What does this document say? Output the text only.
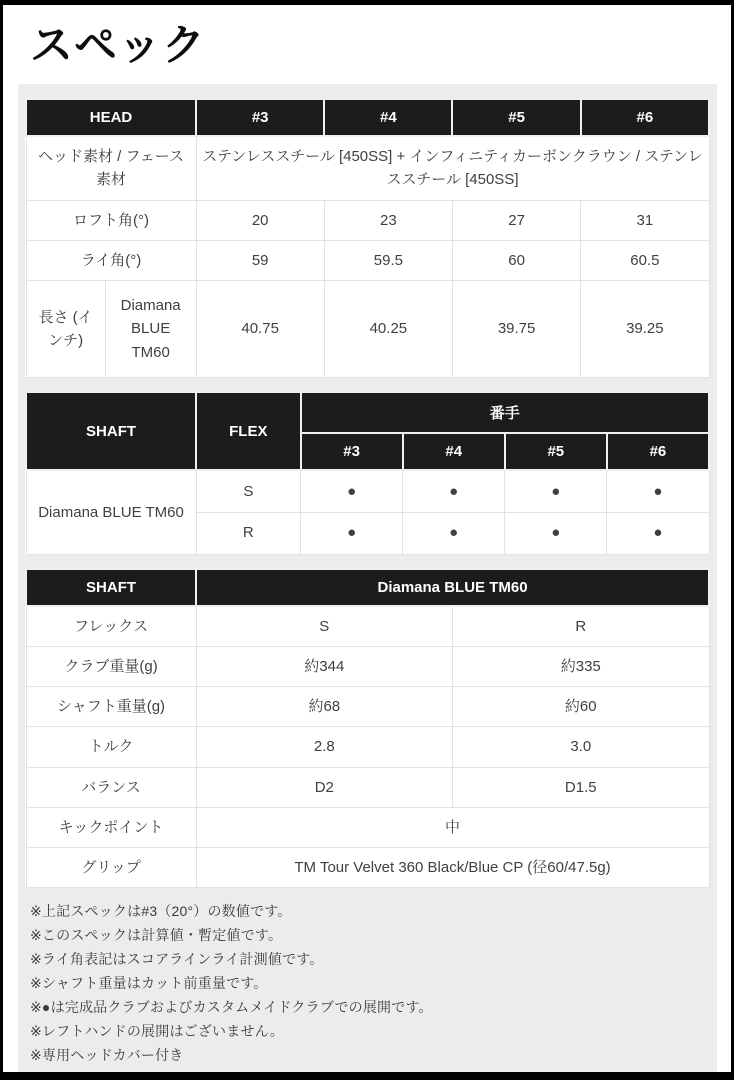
スペック
HEAD		#3	#4	#5	#6
ヘッド素材 / フェース素材		ステンレススチール [450SS] + インフィニティカーボンクラウン / ステンレススチール [450SS]			
ロフト角(°)		20	23	27	31
ライ角(°)		59	59.5	60	60.5
長さ (インチ)	Diamana BLUE TM60	40.75	40.25	39.75	39.25
SHAFT	FLEX	番手			
		#3	#4	#5	#6
Diamana BLUE TM60	S	●	●	●	●
	R	●	●	●	●
SHAFT	Diamana BLUE TM60	
フレックス	S	R
クラブ重量(g)	約344	約335
シャフト重量(g)	約68	約60
トルク	2.8	3.0
バランス	D2	D1.5
キックポイント	中	
グリップ	TM Tour Velvet 360 Black/Blue CP (径60/47.5g)	
※上記スペックは#3（20°）の数値です。
※このスペックは計算値・暫定値です。
※ライ角表記はスコアラインライ計測値です。
※シャフト重量はカット前重量です。
※●は完成品クラブおよびカスタムメイドクラブでの展開です。
※レフトハンドの展開はございません。
※専用ヘッドカバー付き
※本体は中国製/ベトナム製、専用ヘッドカバーは中国製/ベトナム製
